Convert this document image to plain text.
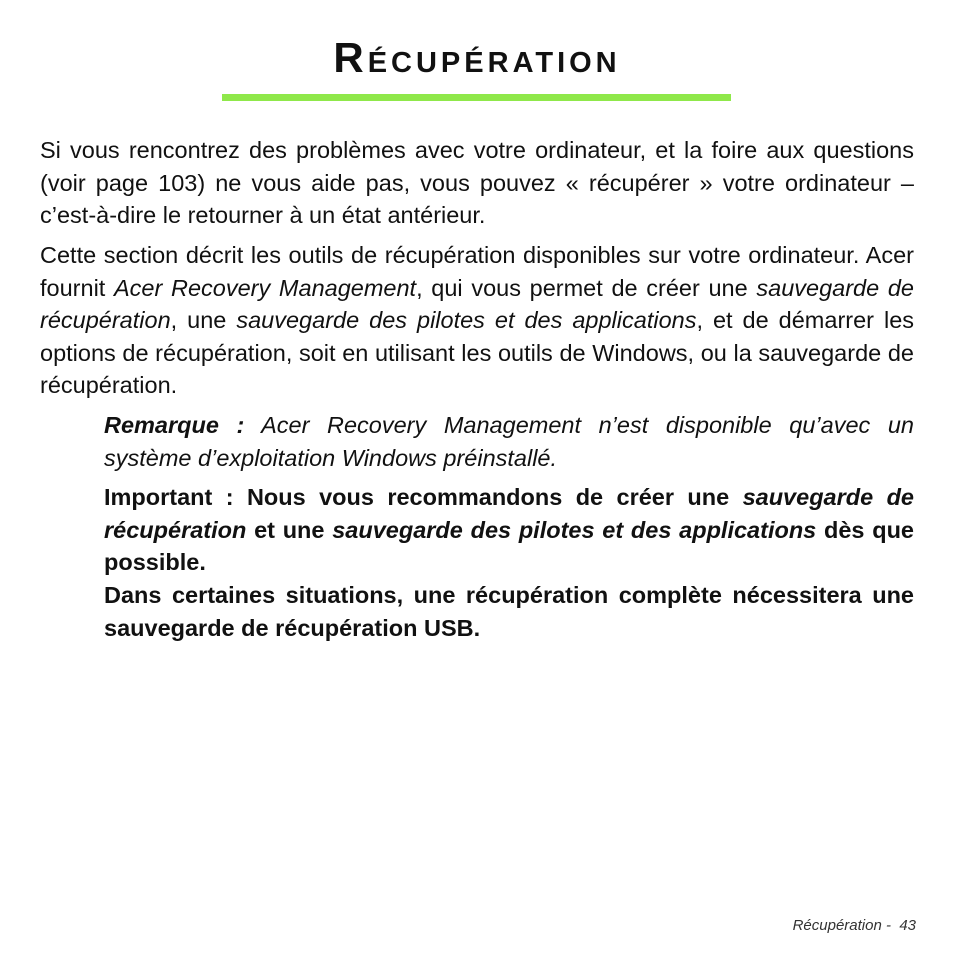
Récupération

Si vous rencontrez des problèmes avec votre ordinateur, et la foire aux questions (voir page 103) ne vous aide pas, vous pouvez « récupérer » votre ordinateur – c’est-à-dire le retourner à un état antérieur.

Cette section décrit les outils de récupération disponibles sur votre ordinateur. Acer fournit Acer Recovery Management, qui vous permet de créer une sauvegarde de récupération, une sauvegarde des pilotes et des applications, et de démarrer les options de récupération, soit en utilisant les outils de Windows, ou la sauvegarde de récupération.

Remarque : Acer Recovery Management n’est disponible qu’avec un système d’exploitation Windows préinstallé.

Important : Nous vous recommandons de créer une sauvegarde de récupération et une sauvegarde des pilotes et des applications dès que possible.

Dans certaines situations, une récupération complète nécessitera une sauvegarde de récupération USB.

Récupération - 43
